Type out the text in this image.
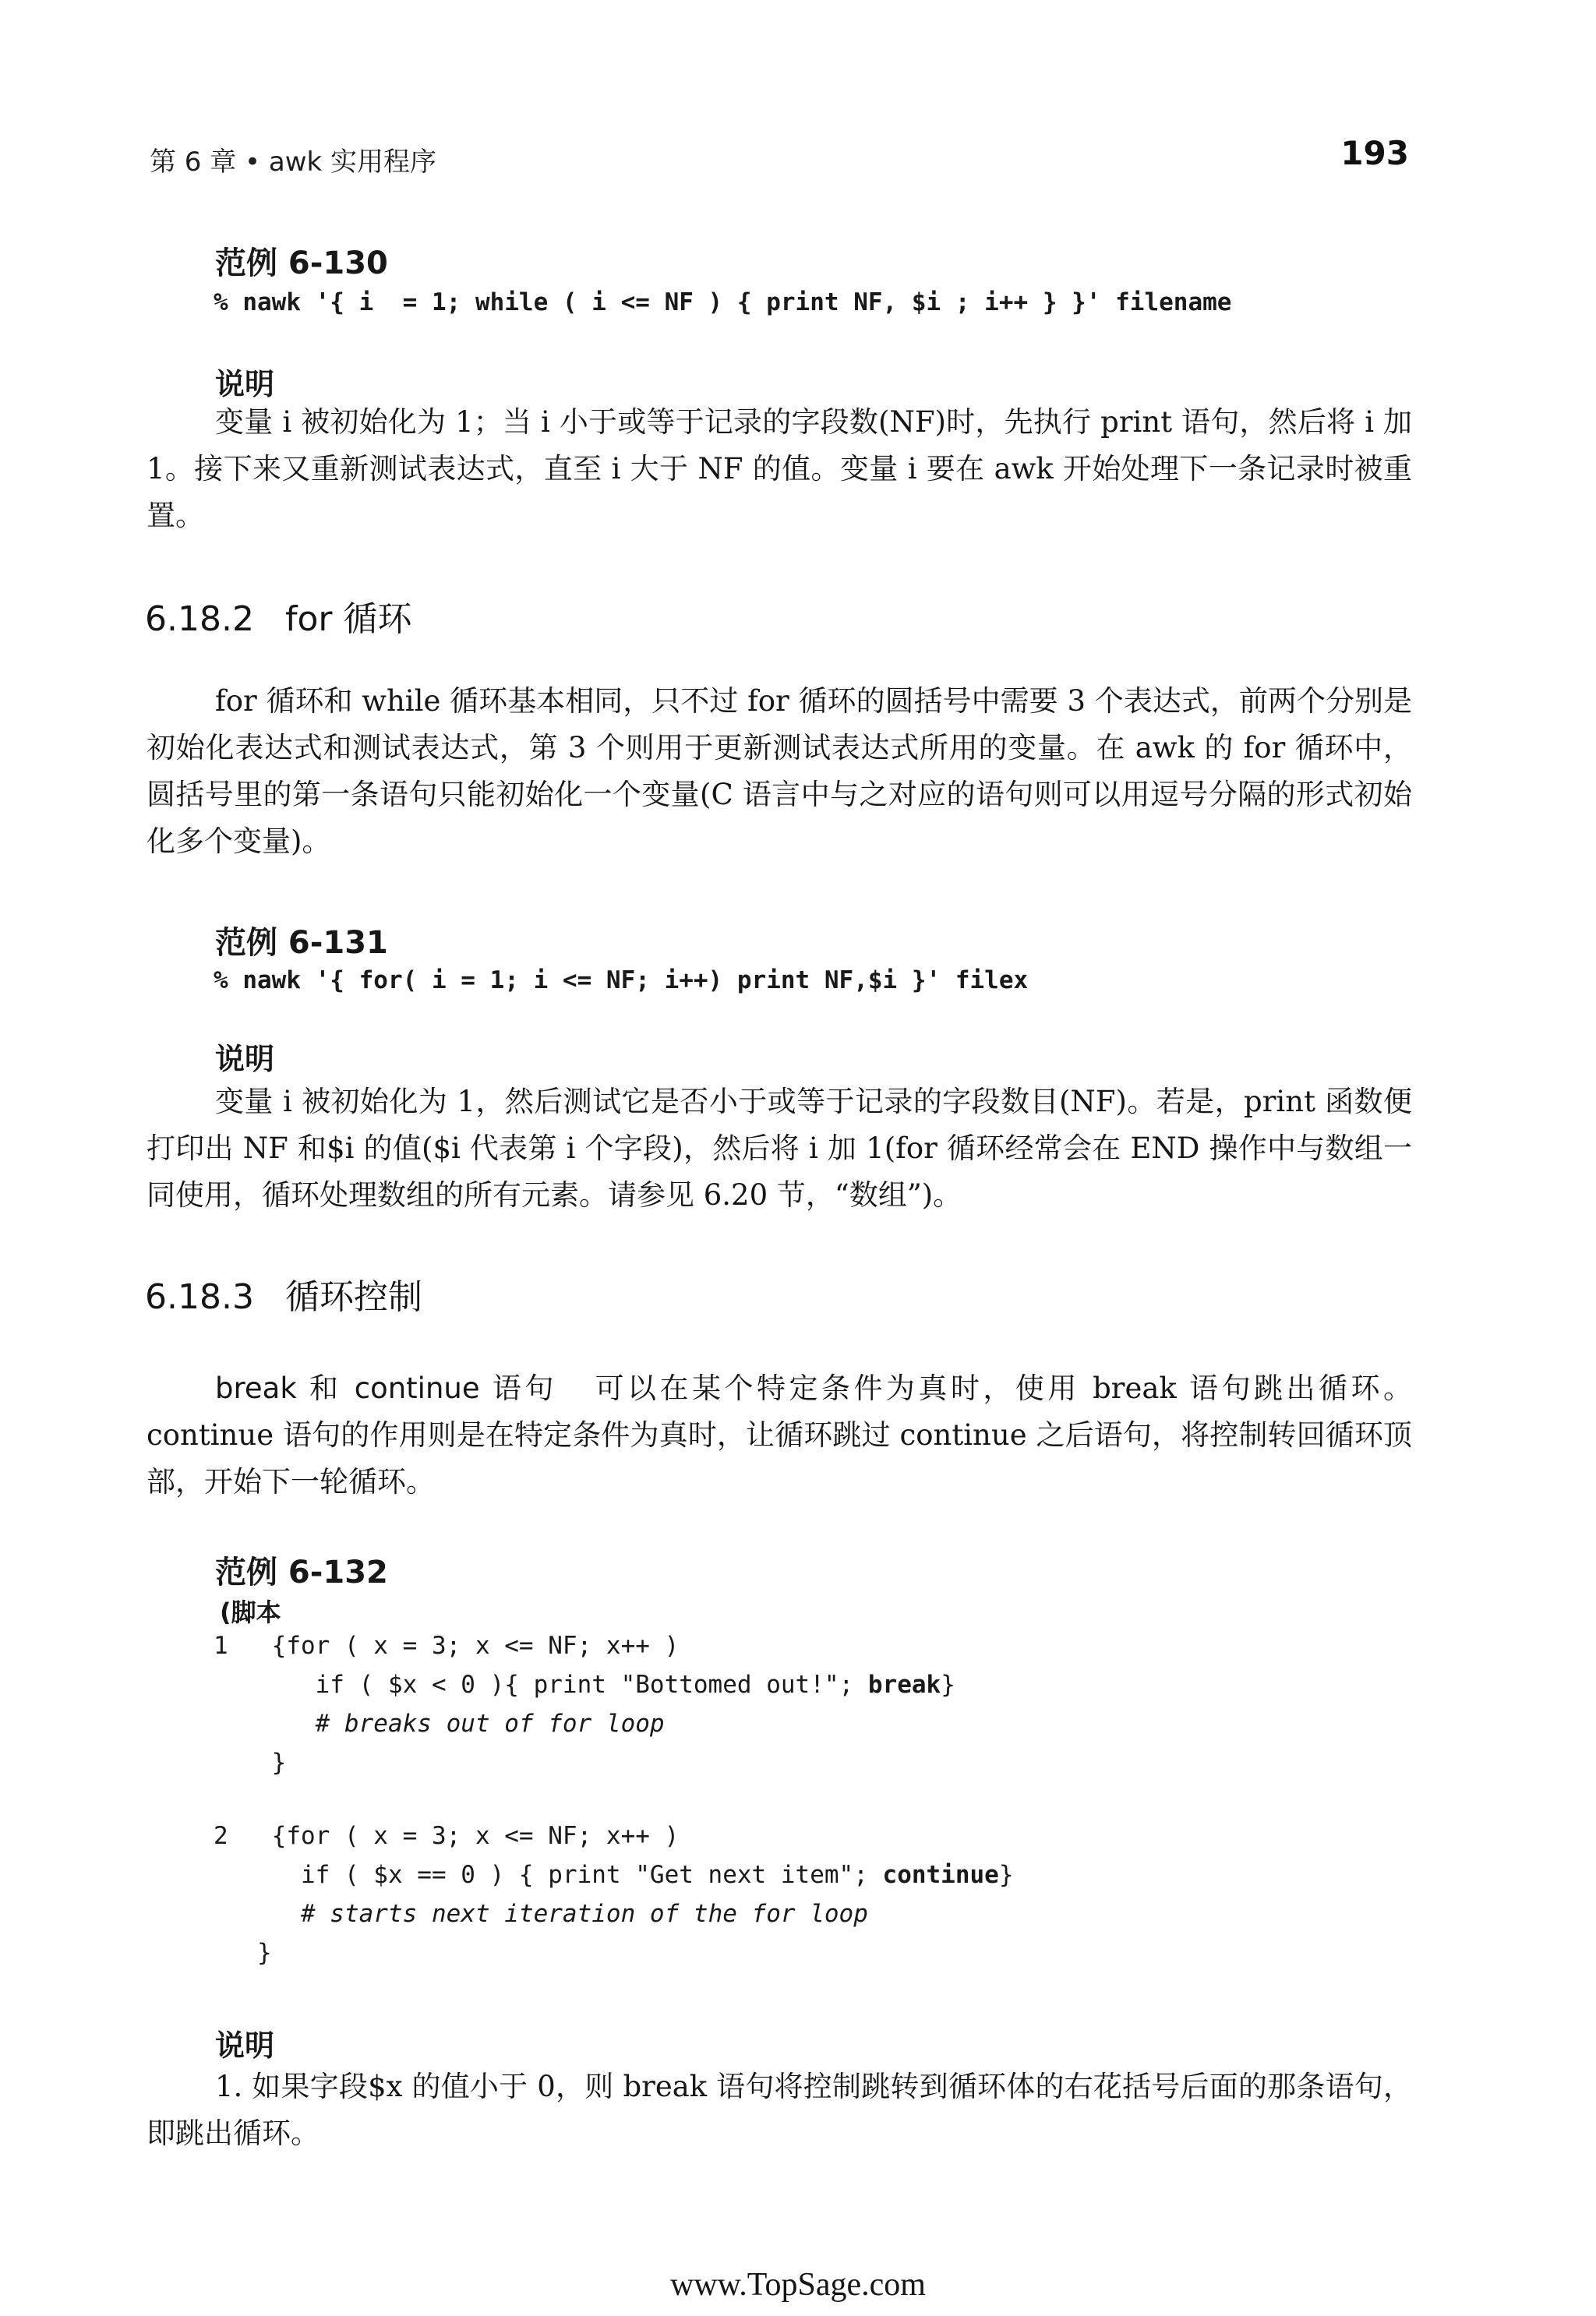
第 6 章 • awk 实用程序	193
范例 6-130
% nawk '{ i  = 1; while ( i <= NF ) { print NF, $i ; i++ } }' filename
说明

变量 i 被初始化为 1；当 i 小于或等于记录的字段数(NF)时，先执行 print 语句，然后将 i 加 1。接下来又重新测试表达式，直至 i 大于 NF 的值。变量 i 要在 awk 开始处理下一条记录时被重置。

6.18.2 for 循环

for 循环和 while 循环基本相同，只不过 for 循环的圆括号中需要 3 个表达式，前两个分别是初始化表达式和测试表达式，第 3 个则用于更新测试表达式所用的变量。在 awk 的 for 循环中，圆括号里的第一条语句只能初始化一个变量(C 语言中与之对应的语句则可以用逗号分隔的形式初始化多个变量)。

范例 6-131
% nawk '{ for( i = 1; i <= NF; i++) print NF,$i }' filex
说明

变量 i 被初始化为 1，然后测试它是否小于或等于记录的字段数目(NF)。若是，print 函数便打印出 NF 和$i 的值($i 代表第 i 个字段)，然后将 i 加 1(for 循环经常会在 END 操作中与数组一同使用，循环处理数组的所有元素。请参见 6.20 节，“数组”)。

6.18.3 循环控制

break 和 continue 语句 可以在某个特定条件为真时，使用 break 语句跳出循环。continue 语句的作用则是在特定条件为真时，让循环跳过 continue 之后语句，将控制转回循环顶部，开始下一轮循环。

范例 6-132
(脚本
1   {for ( x = 3; x <= NF; x++ )
if ( $x < 0 ){ print "Bottomed out!"; break}
# breaks out of for loop
}
2   {for ( x = 3; x <= NF; x++ )
if ( $x == 0 ) { print "Get next item"; continue}
# starts next iteration of the for loop
}
说明

1. 如果字段$x 的值小于 0，则 break 语句将控制跳转到循环体的右花括号后面的那条语句，即跳出循环。

www.TopSage.com
